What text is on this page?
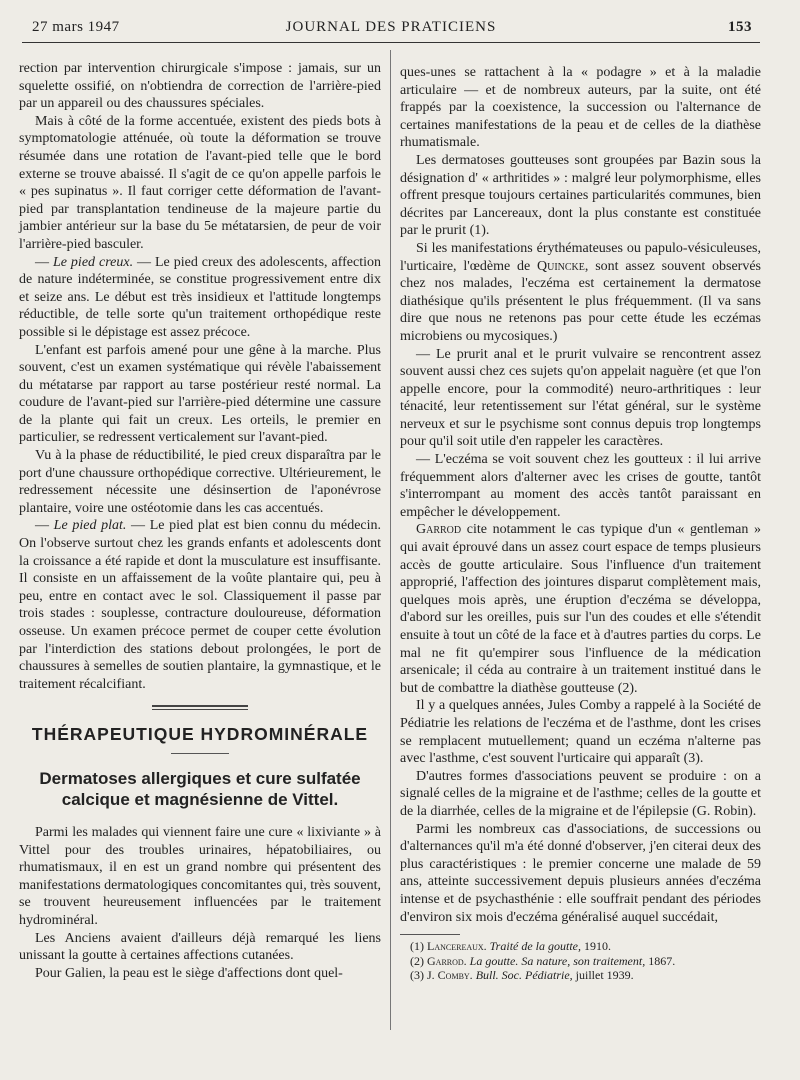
27 mars 1947	JOURNAL DES PRATICIENS	153

rection par intervention chirurgicale s'impose : jamais, sur un squelette ossifié, on n'obtiendra de correction de l'arrière-pied par un appareil ou des chaussures spéciales.

Mais à côté de la forme accentuée, existent des pieds bots à symptomatologie atténuée, où toute la déformation se trouve résumée dans une rotation de l'avant-pied telle que le bord externe se trouve abaissé. Il s'agit de ce qu'on appelle parfois le « pes supinatus ». Il faut corriger cette déformation de l'avant-pied par transplantation tendineuse de la majeure partie du jambier antérieur sur la base du 5e métatarsien, de peur de voir l'arrière-pied basculer.

— Le pied creux. — Le pied creux des adolescents, affection de nature indéterminée, se constitue progressivement entre dix et seize ans. Le début est très insidieux et l'attitude longtemps réductible, de telle sorte qu'un traitement orthopédique reste possible si le dépistage est assez précoce.

L'enfant est parfois amené pour une gêne à la marche. Plus souvent, c'est un examen systématique qui révèle l'abaissement du métatarse par rapport au tarse postérieur resté normal. La coudure de l'avant-pied sur l'arrière-pied détermine une cassure de la plante qui fait un creux. Les orteils, le premier en particulier, se redressent verticalement sur l'avant-pied.

Vu à la phase de réductibilité, le pied creux disparaîtra par le port d'une chaussure orthopédique corrective. Ultérieurement, le redressement nécessite une désinsertion de l'aponévrose plantaire, voire une ostéotomie dans les cas accentués.

— Le pied plat. — Le pied plat est bien connu du médecin. On l'observe surtout chez les grands enfants et adolescents dont la croissance a été rapide et dont la musculature est insuffisante. Il consiste en un affaissement de la voûte plantaire qui, peu à peu, entre en contact avec le sol. Classiquement il passe par trois stades : souplesse, contracture douloureuse, déformation osseuse. Un examen précoce permet de couper cette évolution par l'interdiction des stations debout prolongées, le port de chaussures à semelles de soutien plantaire, la gymnastique, et le traitement récalcifiant.

THÉRAPEUTIQUE HYDROMINÉRALE
Dermatoses allergiques et cure sulfatée calcique et magnésienne de Vittel.

Parmi les malades qui viennent faire une cure « lixiviante » à Vittel pour des troubles urinaires, hépatobiliaires, ou rhumatismaux, il en est un grand nombre qui présentent des manifestations dermatologiques concomitantes qui, très souvent, se trouvent heureusement influencées par le traitement hydrominéral.

Les Anciens avaient d'ailleurs déjà remarqué les liens unissant la goutte à certaines affections cutanées.

Pour Galien, la peau est le siège d'affections dont quel-

ques-unes se rattachent à la « podagre » et à la maladie articulaire — et de nombreux auteurs, par la suite, ont été frappés par la coexistence, la succession ou l'alternance de certaines manifestations de la peau et de celles de la diathèse rhumatismale.

Les dermatoses goutteuses sont groupées par Bazin sous la désignation d' « arthritides » : malgré leur polymorphisme, elles offrent presque toujours certaines particularités communes, bien décrites par Lancereaux, dont la plus constante est constituée par le prurit (1).

Si les manifestations érythémateuses ou papulo-vésiculeuses, l'urticaire, l'œdème de Quincke, sont assez souvent observés chez nos malades, l'eczéma est certainement la dermatose diathésique qu'ils présentent le plus fréquemment. (Il va sans dire que nous ne retenons pas pour cette étude les eczémas microbiens ou mycosiques.)

— Le prurit anal et le prurit vulvaire se rencontrent assez souvent aussi chez ces sujets qu'on appelait naguère (et que l'on appelle encore, pour la commodité) neuro-arthritiques : leur ténacité, leur retentissement sur l'état général, sur le système nerveux et sur le psychisme sont connus depuis trop longtemps pour qu'il soit utile d'en rappeler les caractères.

— L'eczéma se voit souvent chez les goutteux : il lui arrive fréquemment alors d'alterner avec les crises de goutte, tantôt s'interrompant au moment des accès tantôt paraissant en empêcher le développement.

Garrod cite notamment le cas typique d'un « gentleman » qui avait éprouvé dans un assez court espace de temps plusieurs accès de goutte articulaire. Sous l'influence d'un traitement approprié, l'affection des jointures disparut complètement mais, quelques mois après, une éruption d'eczéma se développa, d'abord sur les oreilles, puis sur l'un des coudes et elle s'étendit ensuite à tout un côté de la face et à d'autres parties du corps. Le mal ne fit qu'empirer sous l'influence de la médication arsenicale; il céda au contraire à un traitement institué dans le but de combattre la diathèse goutteuse (2).

Il y a quelques années, Jules Comby a rappelé à la Société de Pédiatrie les relations de l'eczéma et de l'asthme, dont les crises se remplacent mutuellement; quand un eczéma n'alterne pas avec l'asthme, c'est souvent l'urticaire qui apparaît (3).

D'autres formes d'associations peuvent se produire : on a signalé celles de la migraine et de l'asthme; celles de la goutte et de la diarrhée, celles de la migraine et de l'épilepsie (G. Robin).

Parmi les nombreux cas d'associations, de successions ou d'alternances qu'il m'a été donné d'observer, j'en citerai deux des plus caractéristiques : le premier concerne une malade de 59 ans, atteinte successivement depuis plusieurs années d'eczéma intense et de psychasthénie : elle souffrait pendant des périodes d'environ six mois d'eczéma généralisé auquel succédait,

(1) Lancereaux. Traité de la goutte, 1910.
(2) Garrod. La goutte. Sa nature, son traitement, 1867.
(3) J. Comby. Bull. Soc. Pédiatrie, juillet 1939.
